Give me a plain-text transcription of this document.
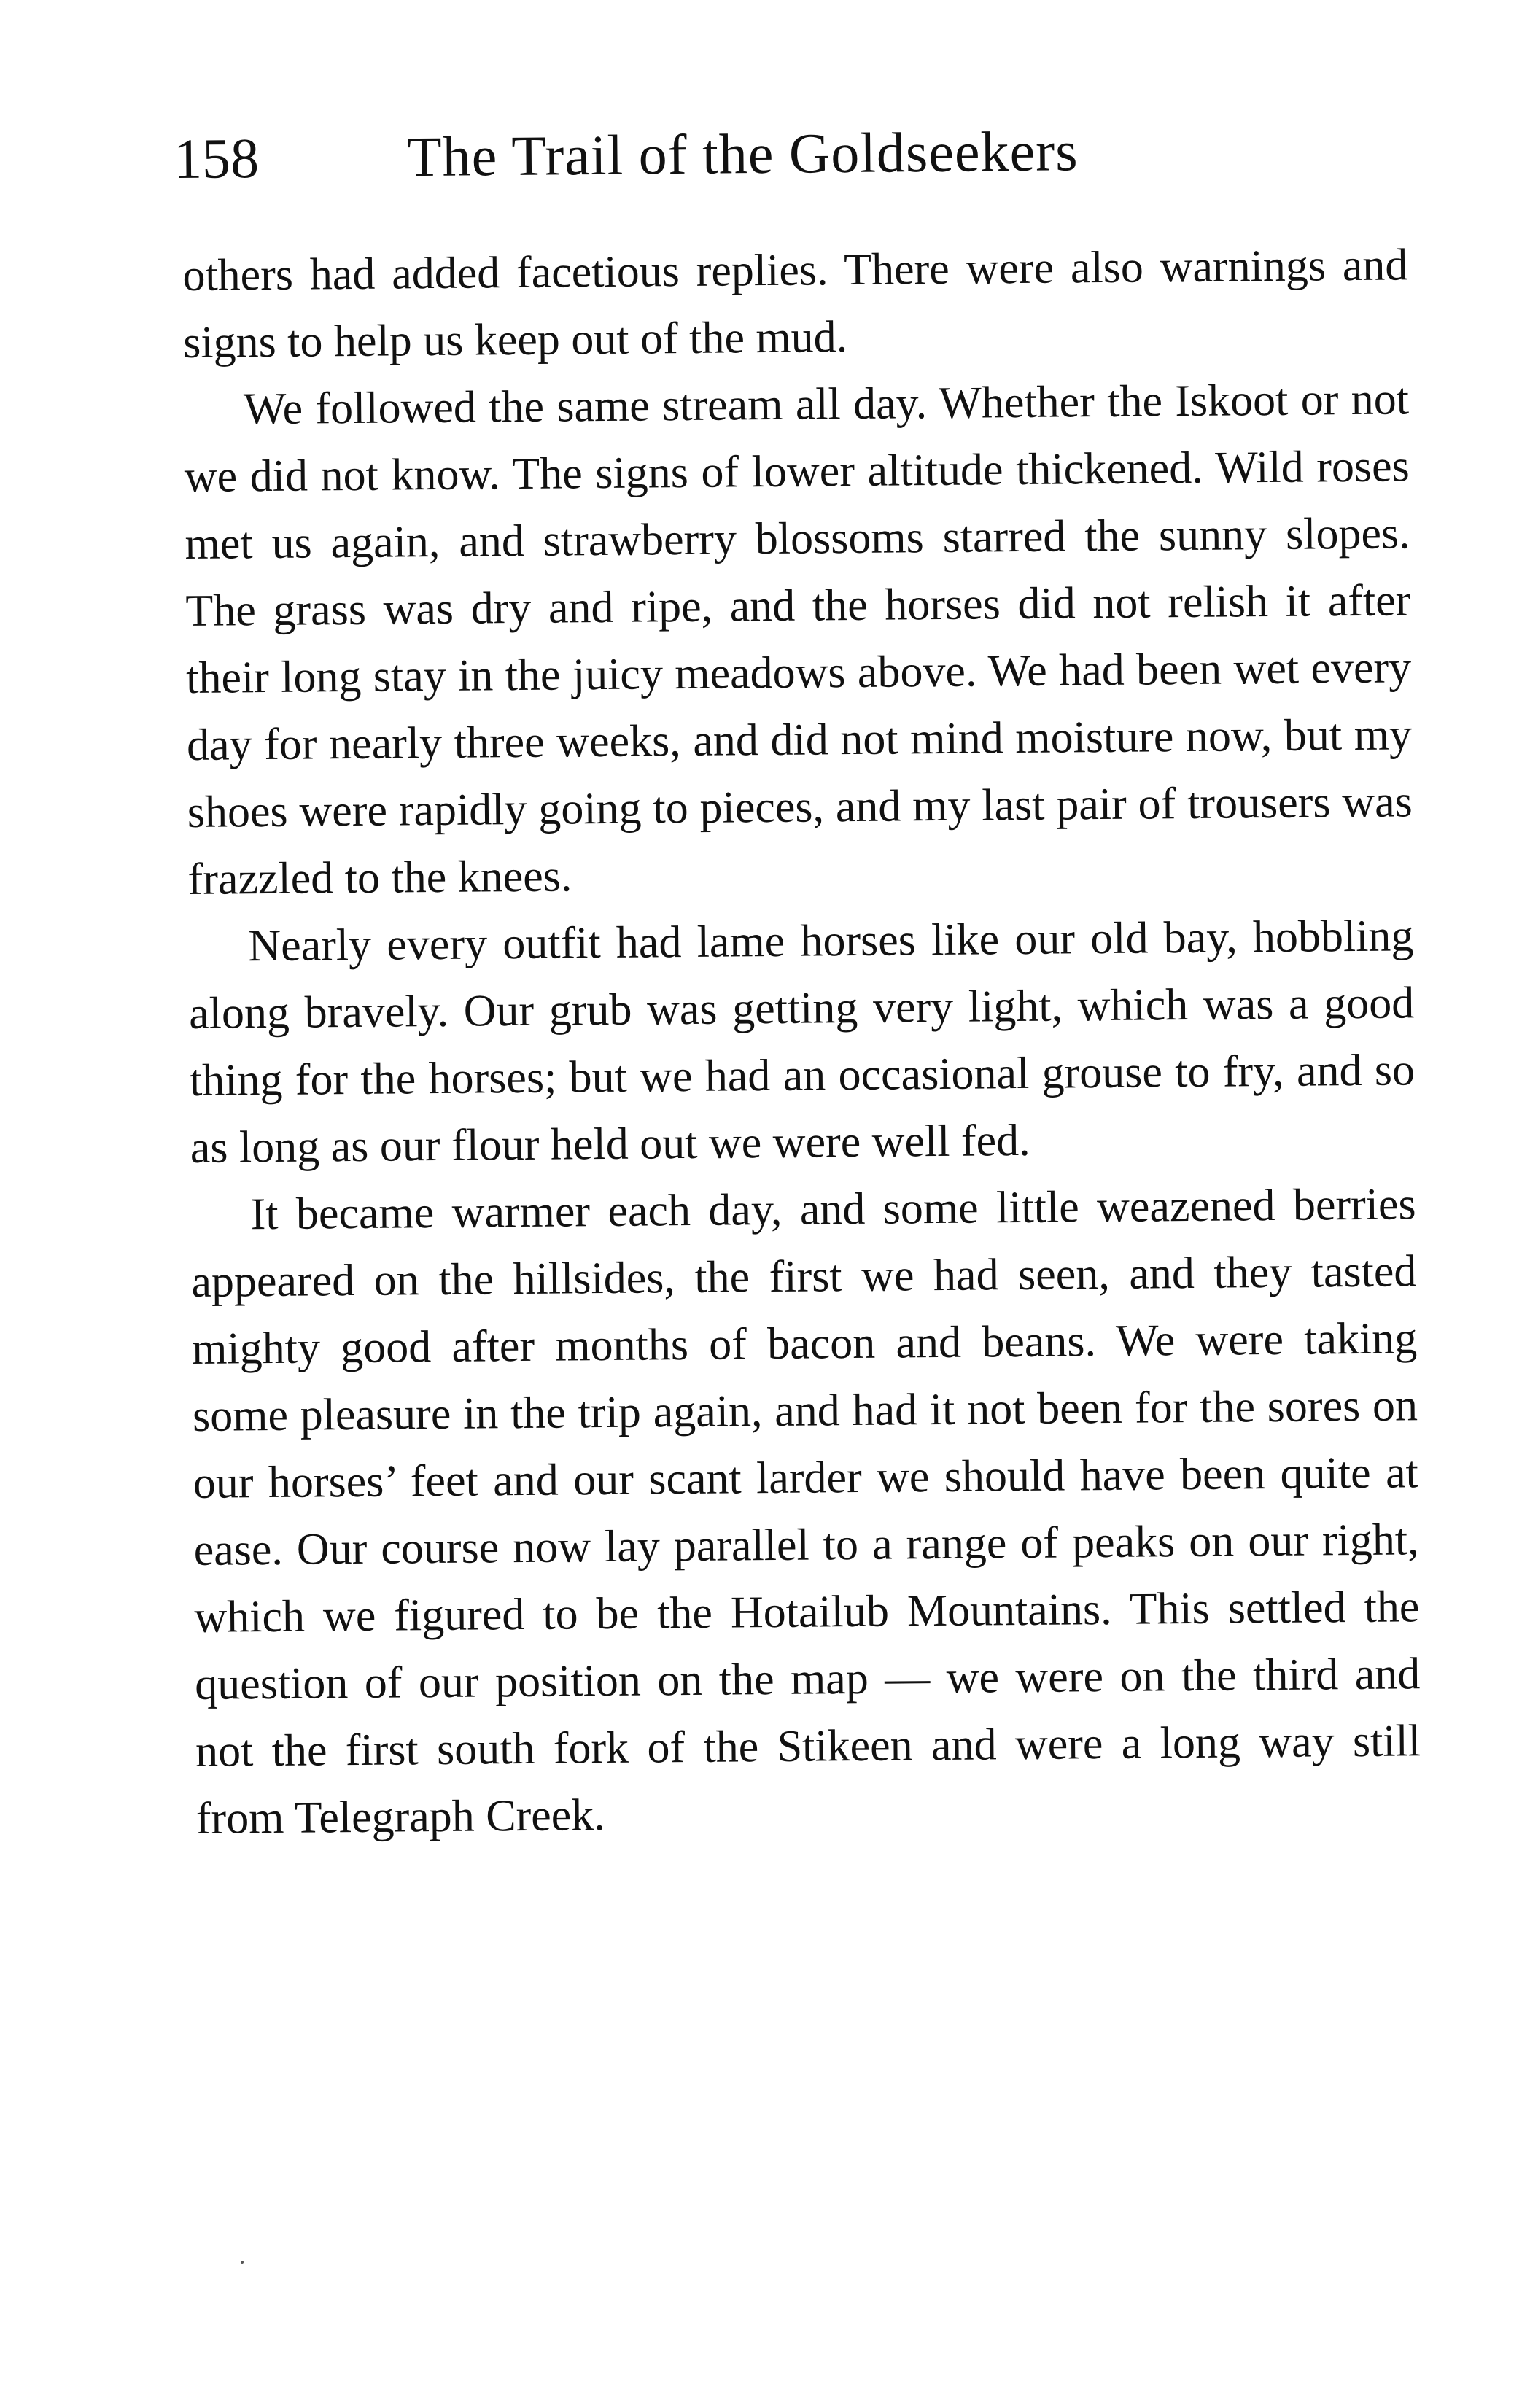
158	The Trail of the Goldseekers

others had added facetious replies. There were also warnings and signs to help us keep out of the mud.

We followed the same stream all day. Whether the Iskoot or not we did not know. The signs of lower altitude thickened. Wild roses met us again, and strawberry blossoms starred the sunny slopes. The grass was dry and ripe, and the horses did not relish it after their long stay in the juicy meadows above. We had been wet every day for nearly three weeks, and did not mind moisture now, but my shoes were rapidly going to pieces, and my last pair of trousers was frazzled to the knees.

Nearly every outfit had lame horses like our old bay, hobbling along bravely. Our grub was getting very light, which was a good thing for the horses; but we had an occasional grouse to fry, and so as long as our flour held out we were well fed.

It became warmer each day, and some little weazened berries appeared on the hillsides, the first we had seen, and they tasted mighty good after months of bacon and beans. We were taking some pleasure in the trip again, and had it not been for the sores on our horses’ feet and our scant larder we should have been quite at ease. Our course now lay parallel to a range of peaks on our right, which we figured to be the Hotailub Mountains. This settled the question of our position on the map — we were on the third and not the first south fork of the Stikeen and were a long way still from Telegraph Creek.
